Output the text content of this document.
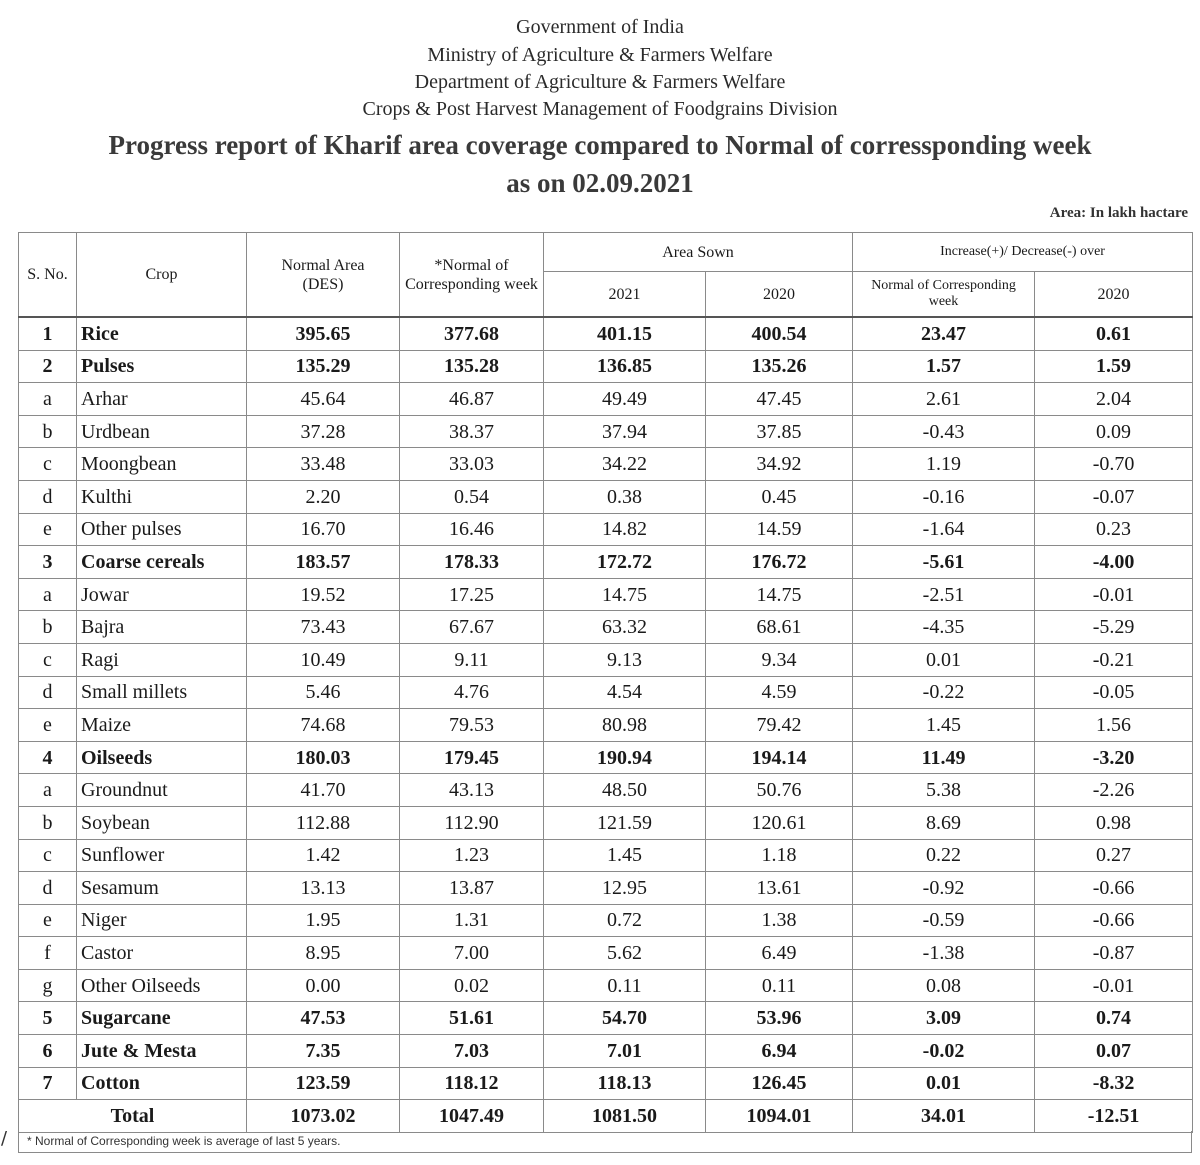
Government of India
Ministry of Agriculture & Farmers Welfare
Department of Agriculture & Farmers Welfare
Crops & Post Harvest Management of Foodgrains Division
Progress report of Kharif area coverage compared to Normal of corressponding week
as on 02.09.2021
Area: In lakh hactare
S. No.	Crop	Normal Area (DES)	*Normal of Corresponding week	Area Sown		Increase(+)/ Decrease(-) over	
				2021	2020	Normal of Corresponding week	2020
1	Rice	395.65	377.68	401.15	400.54	23.47	0.61
2	Pulses	135.29	135.28	136.85	135.26	1.57	1.59
a	Arhar	45.64	46.87	49.49	47.45	2.61	2.04
b	Urdbean	37.28	38.37	37.94	37.85	-0.43	0.09
c	Moongbean	33.48	33.03	34.22	34.92	1.19	-0.70
d	Kulthi	2.20	0.54	0.38	0.45	-0.16	-0.07
e	Other pulses	16.70	16.46	14.82	14.59	-1.64	0.23
3	Coarse cereals	183.57	178.33	172.72	176.72	-5.61	-4.00
a	Jowar	19.52	17.25	14.75	14.75	-2.51	-0.01
b	Bajra	73.43	67.67	63.32	68.61	-4.35	-5.29
c	Ragi	10.49	9.11	9.13	9.34	0.01	-0.21
d	Small millets	5.46	4.76	4.54	4.59	-0.22	-0.05
e	Maize	74.68	79.53	80.98	79.42	1.45	1.56
4	Oilseeds	180.03	179.45	190.94	194.14	11.49	-3.20
a	Groundnut	41.70	43.13	48.50	50.76	5.38	-2.26
b	Soybean	112.88	112.90	121.59	120.61	8.69	0.98
c	Sunflower	1.42	1.23	1.45	1.18	0.22	0.27
d	Sesamum	13.13	13.87	12.95	13.61	-0.92	-0.66
e	Niger	1.95	1.31	0.72	1.38	-0.59	-0.66
f	Castor	8.95	7.00	5.62	6.49	-1.38	-0.87
g	Other Oilseeds	0.00	0.02	0.11	0.11	0.08	-0.01
5	Sugarcane	47.53	51.61	54.70	53.96	3.09	0.74
6	Jute & Mesta	7.35	7.03	7.01	6.94	-0.02	0.07
7	Cotton	123.59	118.12	118.13	126.45	0.01	-8.32
Total		1073.02	1047.49	1081.50	1094.01	34.01	-12.51
* Normal of Corresponding week is average of last 5 years.
/
